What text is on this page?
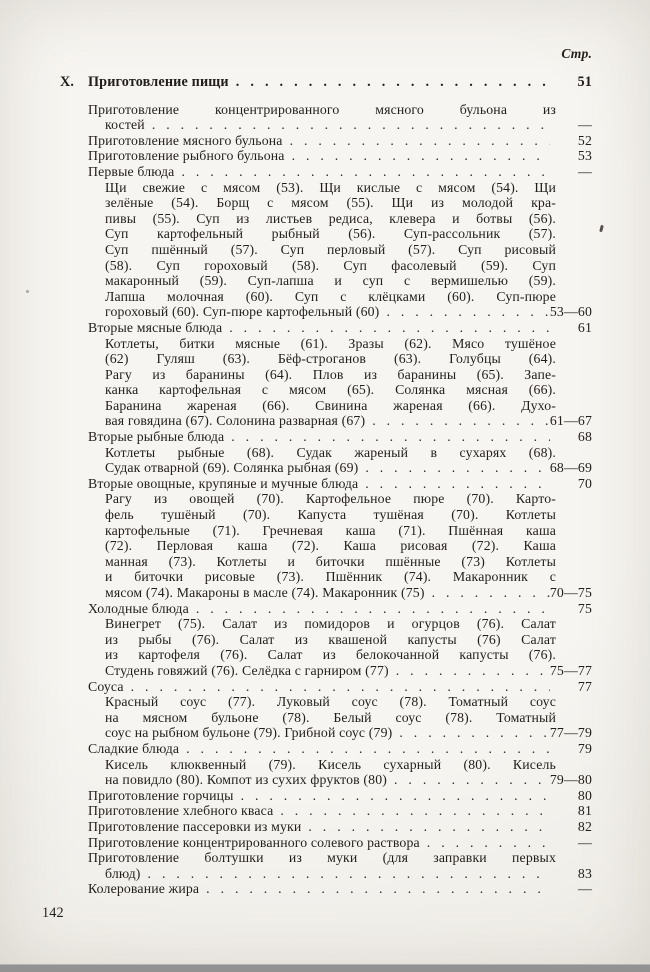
Стр.
X. Приготовление пищи . . .	51
Приготовление концентрированного мясного бульона из
костей . . .	—
Приготовление мясного бульона . . .	52
Приготовление рыбного бульона . . .	53
Первые блюда . . .	—
Щи свежие с мясом (53). Щи кислые с мясом (54). Щи
зелёные (54). Борщ с мясом (55). Щи из молодой кра-
пивы (55). Суп из листьев редиса, клевера и ботвы (56).
Суп картофельный рыбный (56). Суп-рассольник (57).
Суп пшённый (57). Суп перловый (57). Суп рисовый
(58). Суп гороховый (58). Суп фасолевый (59). Суп
макаронный (59). Суп-лапша и суп с вермишелью (59).
Лапша молочная (60). Суп с клёцками (60). Суп-пюре
гороховый (60). Суп-пюре картофельный (60) . . .	53—60
Вторые мясные блюда . . .	61
Котлеты, битки мясные (61). Зразы (62). Мясо тушёное
(62) Гуляш (63). Бёф-строганов (63). Голубцы (64).
Рагу из баранины (64). Плов из баранины (65). Запе-
канка картофельная с мясом (65). Солянка мясная (66).
Баранина жареная (66). Свинина жареная (66). Духо-
вая говядина (67). Солонина разварная (67) . . .	61—67
Вторые рыбные блюда . . .	68
Котлеты рыбные (68). Судак жареный в сухарях (68).
Судак отварной (69). Солянка рыбная (69) . . .	68—69
Вторые овощные, крупяные и мучные блюда . . .	70
Рагу из овощей (70). Картофельное пюре (70). Карто-
фель тушёный (70). Капуста тушёная (70). Котлеты
картофельные (71). Гречневая каша (71). Пшённая каша
(72). Перловая каша (72). Каша рисовая (72). Каша
манная (73). Котлеты и биточки пшённые (73) Котлеты
и биточки рисовые (73). Пшённик (74). Макаронник с
мясом (74). Макароны в масле (74). Макаронник (75) . . .	70—75
Холодные блюда . . .	75
Винегрет (75). Салат из помидоров и огурцов (76). Салат
из рыбы (76). Салат из квашеной капусты (76) Салат
из картофеля (76). Салат из белокочанной капусты (76).
Студень говяжий (76). Селёдка с гарниром (77) . . .	75—77
Соуса . . .	77
Красный соус (77). Луковый соус (78). Томатный соус
на мясном бульоне (78). Белый соус (78). Томатный
соус на рыбном бульоне (79). Грибной соус (79) . . .	77—79
Сладкие блюда . . .	79
Кисель клюквенный (79). Кисель сухарный (80). Кисель
на повидло (80). Компот из сухих фруктов (80) . . .	79—80
Приготовление горчицы . . .	80
Приготовление хлебного кваса . . .	81
Приготовление пассеровки из муки . . .	82
Приготовление концентрированного солевого раствора . . .	—
Приготовление болтушки из муки (для заправки первых
блюд) . . .	83
Колерование жира . . .	—
142
